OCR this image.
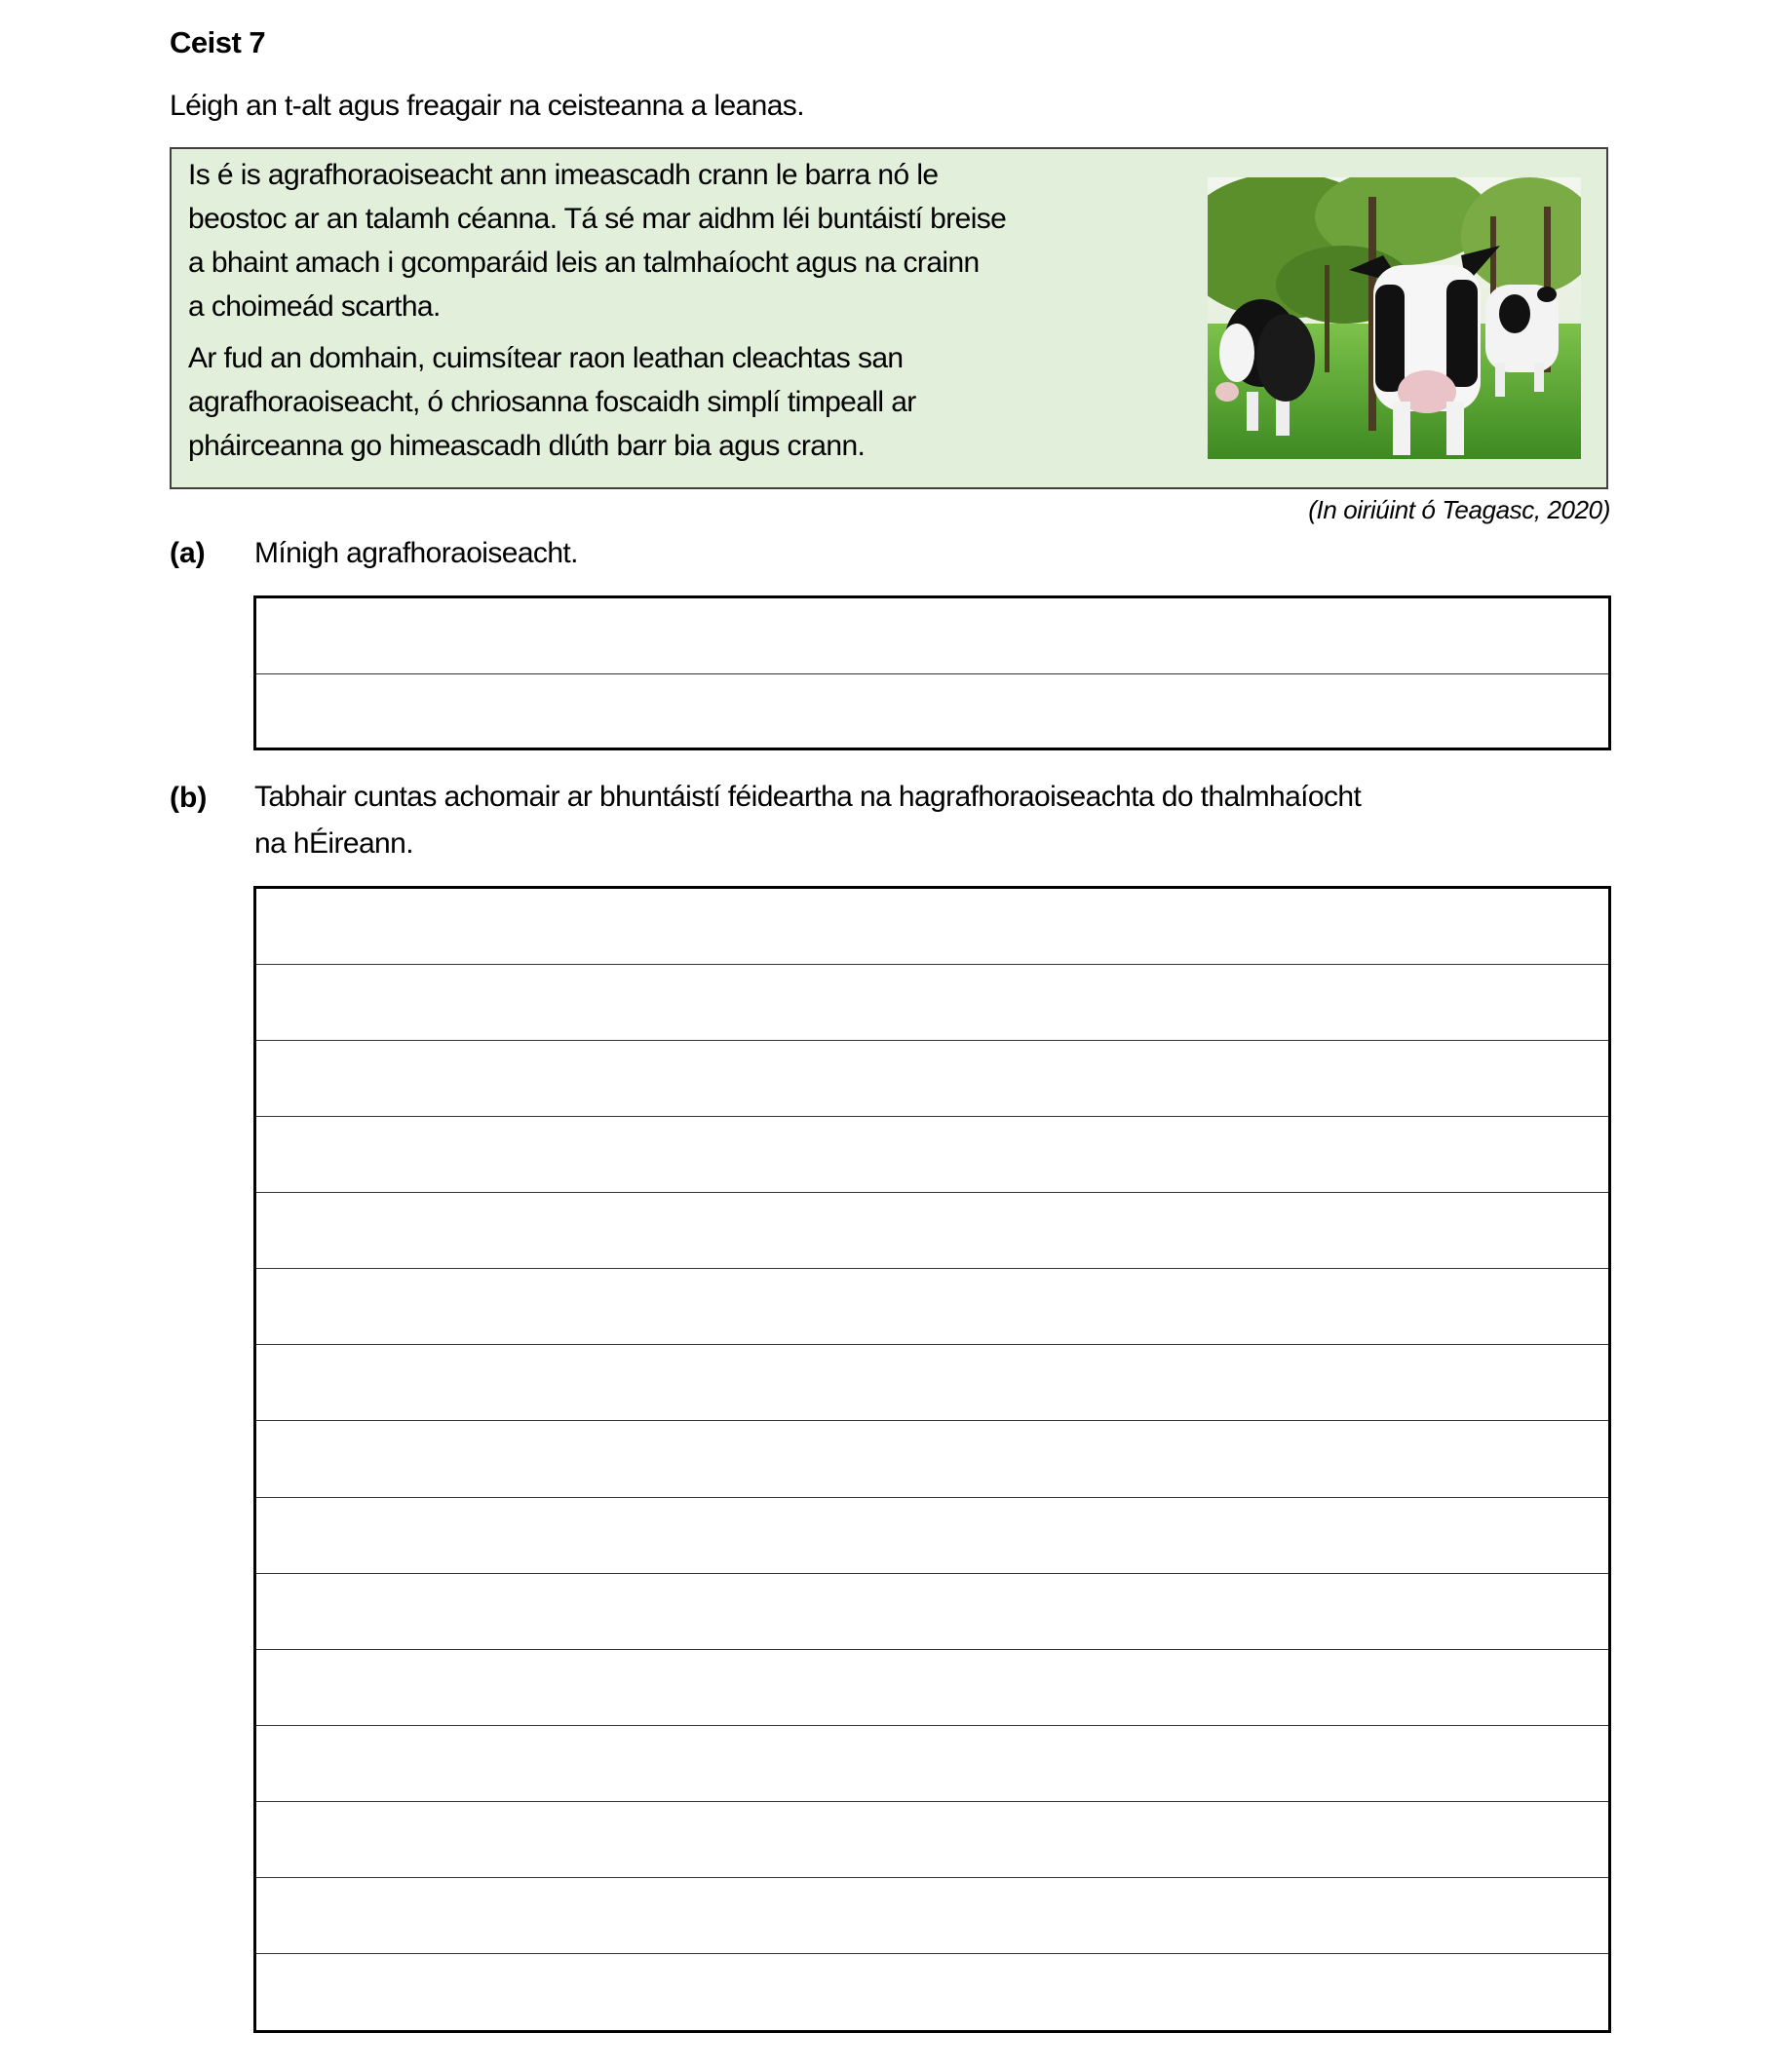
Ceist 7
Léigh an t-alt agus freagair na ceisteanna a leanas.

Is é is agrafhoraoiseacht ann imeascadh crann le barra nó le
beostoc ar an talamh céanna. Tá sé mar aidhm léi buntáistí breise
a bhaint amach i gcomparáid leis an talmhaíocht agus na crainn
a choimeád scartha.

Ar fud an domhain, cuimsítear raon leathan cleachtas san
agrafhoraoiseacht, ó chriosanna foscaidh simplí timpeall ar
pháirceanna go himeascadh dlúth barr bia agus crann.

(In oiriúint ó Teagasc, 2020)
(a) Mínigh agrafhoraoiseacht.
(b) Tabhair cuntas achomair ar bhuntáistí féideartha na hagrafhoraoiseachta do thalmhaíocht
na hÉireann.
